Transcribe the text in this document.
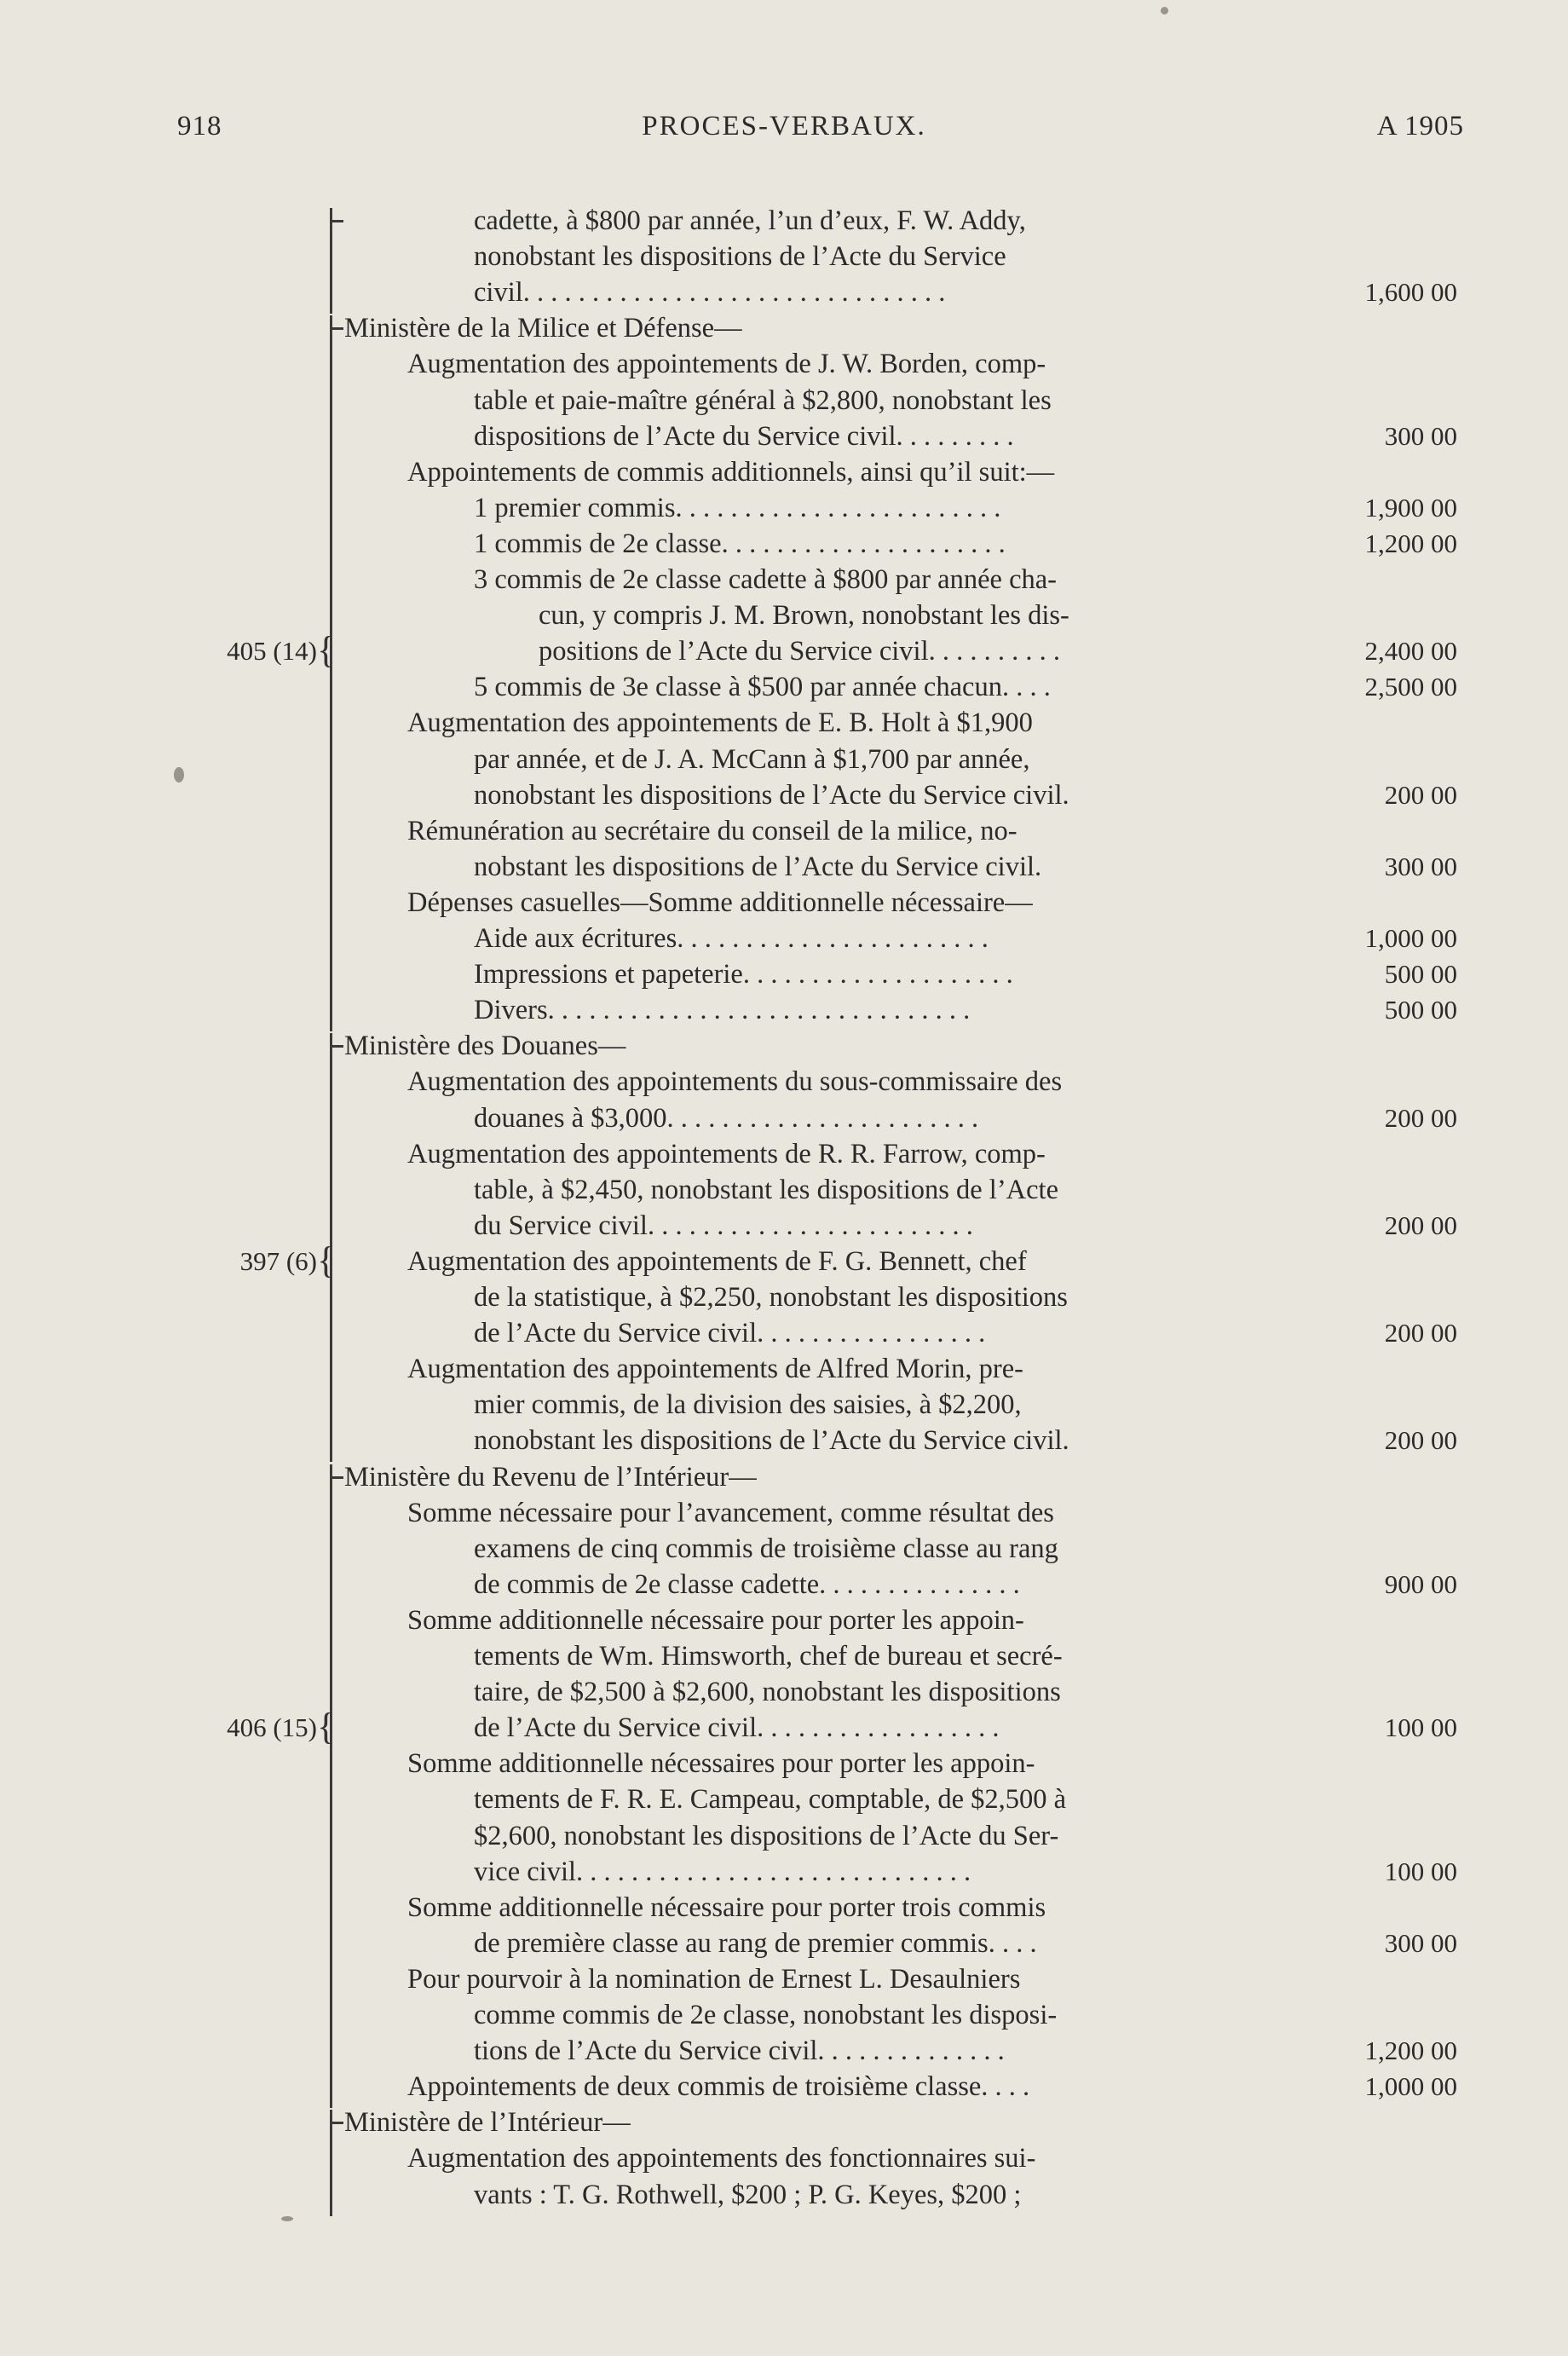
918	PROCES-VERBAUX.	A 1905
cadette, à $800 par année, l’un d’eux, F. W. Addy,
nonobstant les dispositions de l’Acte du Service
civil. . . . . . . . . . . . . . . . . . . . . . . . . . . . . . .	1,600 00
Ministère de la Milice et Défense—
Augmentation des appointements de J. W. Borden, comp-
table et paie-maître général à $2,800, nonobstant les
dispositions de l’Acte du Service civil. . . . . . . . .	300 00
Appointements de commis additionnels, ainsi qu’il suit:—
1 premier commis. . . . . . . . . . . . . . . . . . . . . . . .	1,900 00
1 commis de 2e classe. . . . . . . . . . . . . . . . . . . . .	1,200 00
3 commis de 2e classe cadette à $800 par année cha-
cun, y compris J. M. Brown, nonobstant les dis-
positions de l’Acte du Service civil. . . . . . . . . .	2,400 00
5 commis de 3e classe à $500 par année chacun. . . .	2,500 00
Augmentation des appointements de E. B. Holt à $1,900
par année, et de J. A. McCann à $1,700 par année,
nonobstant les dispositions de l’Acte du Service civil.	200 00
Rémunération au secrétaire du conseil de la milice, no-
nobstant les dispositions de l’Acte du Service civil.	300 00
Dépenses casuelles—Somme additionnelle nécessaire—
Aide aux écritures. . . . . . . . . . . . . . . . . . . . . . .	1,000 00
Impressions et papeterie. . . . . . . . . . . . . . . . . . . .	500 00
Divers. . . . . . . . . . . . . . . . . . . . . . . . . . . . . . .	500 00
Ministère des Douanes—
Augmentation des appointements du sous-commissaire des
douanes à $3,000. . . . . . . . . . . . . . . . . . . . . . .	200 00
Augmentation des appointements de R. R. Farrow, comp-
table, à $2,450, nonobstant les dispositions de l’Acte
du Service civil. . . . . . . . . . . . . . . . . . . . . . . .	200 00
Augmentation des appointements de F. G. Bennett, chef
de la statistique, à $2,250, nonobstant les dispositions
de l’Acte du Service civil. . . . . . . . . . . . . . . . .	200 00
Augmentation des appointements de Alfred Morin, pre-
mier commis, de la division des saisies, à $2,200,
nonobstant les dispositions de l’Acte du Service civil.	200 00
Ministère du Revenu de l’Intérieur—
Somme nécessaire pour l’avancement, comme résultat des
examens de cinq commis de troisième classe au rang
de commis de 2e classe cadette. . . . . . . . . . . . . . .	900 00
Somme additionnelle nécessaire pour porter les appoin-
tements de Wm. Himsworth, chef de bureau et secré-
taire, de $2,500 à $2,600, nonobstant les dispositions
de l’Acte du Service civil. . . . . . . . . . . . . . . . . .	100 00
Somme additionnelle nécessaires pour porter les appoin-
tements de F. R. E. Campeau, comptable, de $2,500 à
$2,600, nonobstant les dispositions de l’Acte du Ser-
vice civil. . . . . . . . . . . . . . . . . . . . . . . . . . . . .	100 00
Somme additionnelle nécessaire pour porter trois commis
de première classe au rang de premier commis. . . .	300 00
Pour pourvoir à la nomination de Ernest L. Desaulniers
comme commis de 2e classe, nonobstant les disposi-
tions de l’Acte du Service civil. . . . . . . . . . . . . .	1,200 00
Appointements de deux commis de troisième classe. . . .	1,000 00
Ministère de l’Intérieur—
Augmentation des appointements des fonctionnaires sui-
vants : T. G. Rothwell, $200 ; P. G. Keyes, $200 ;
405 (14) {
397 (6) {
406 (15) {
